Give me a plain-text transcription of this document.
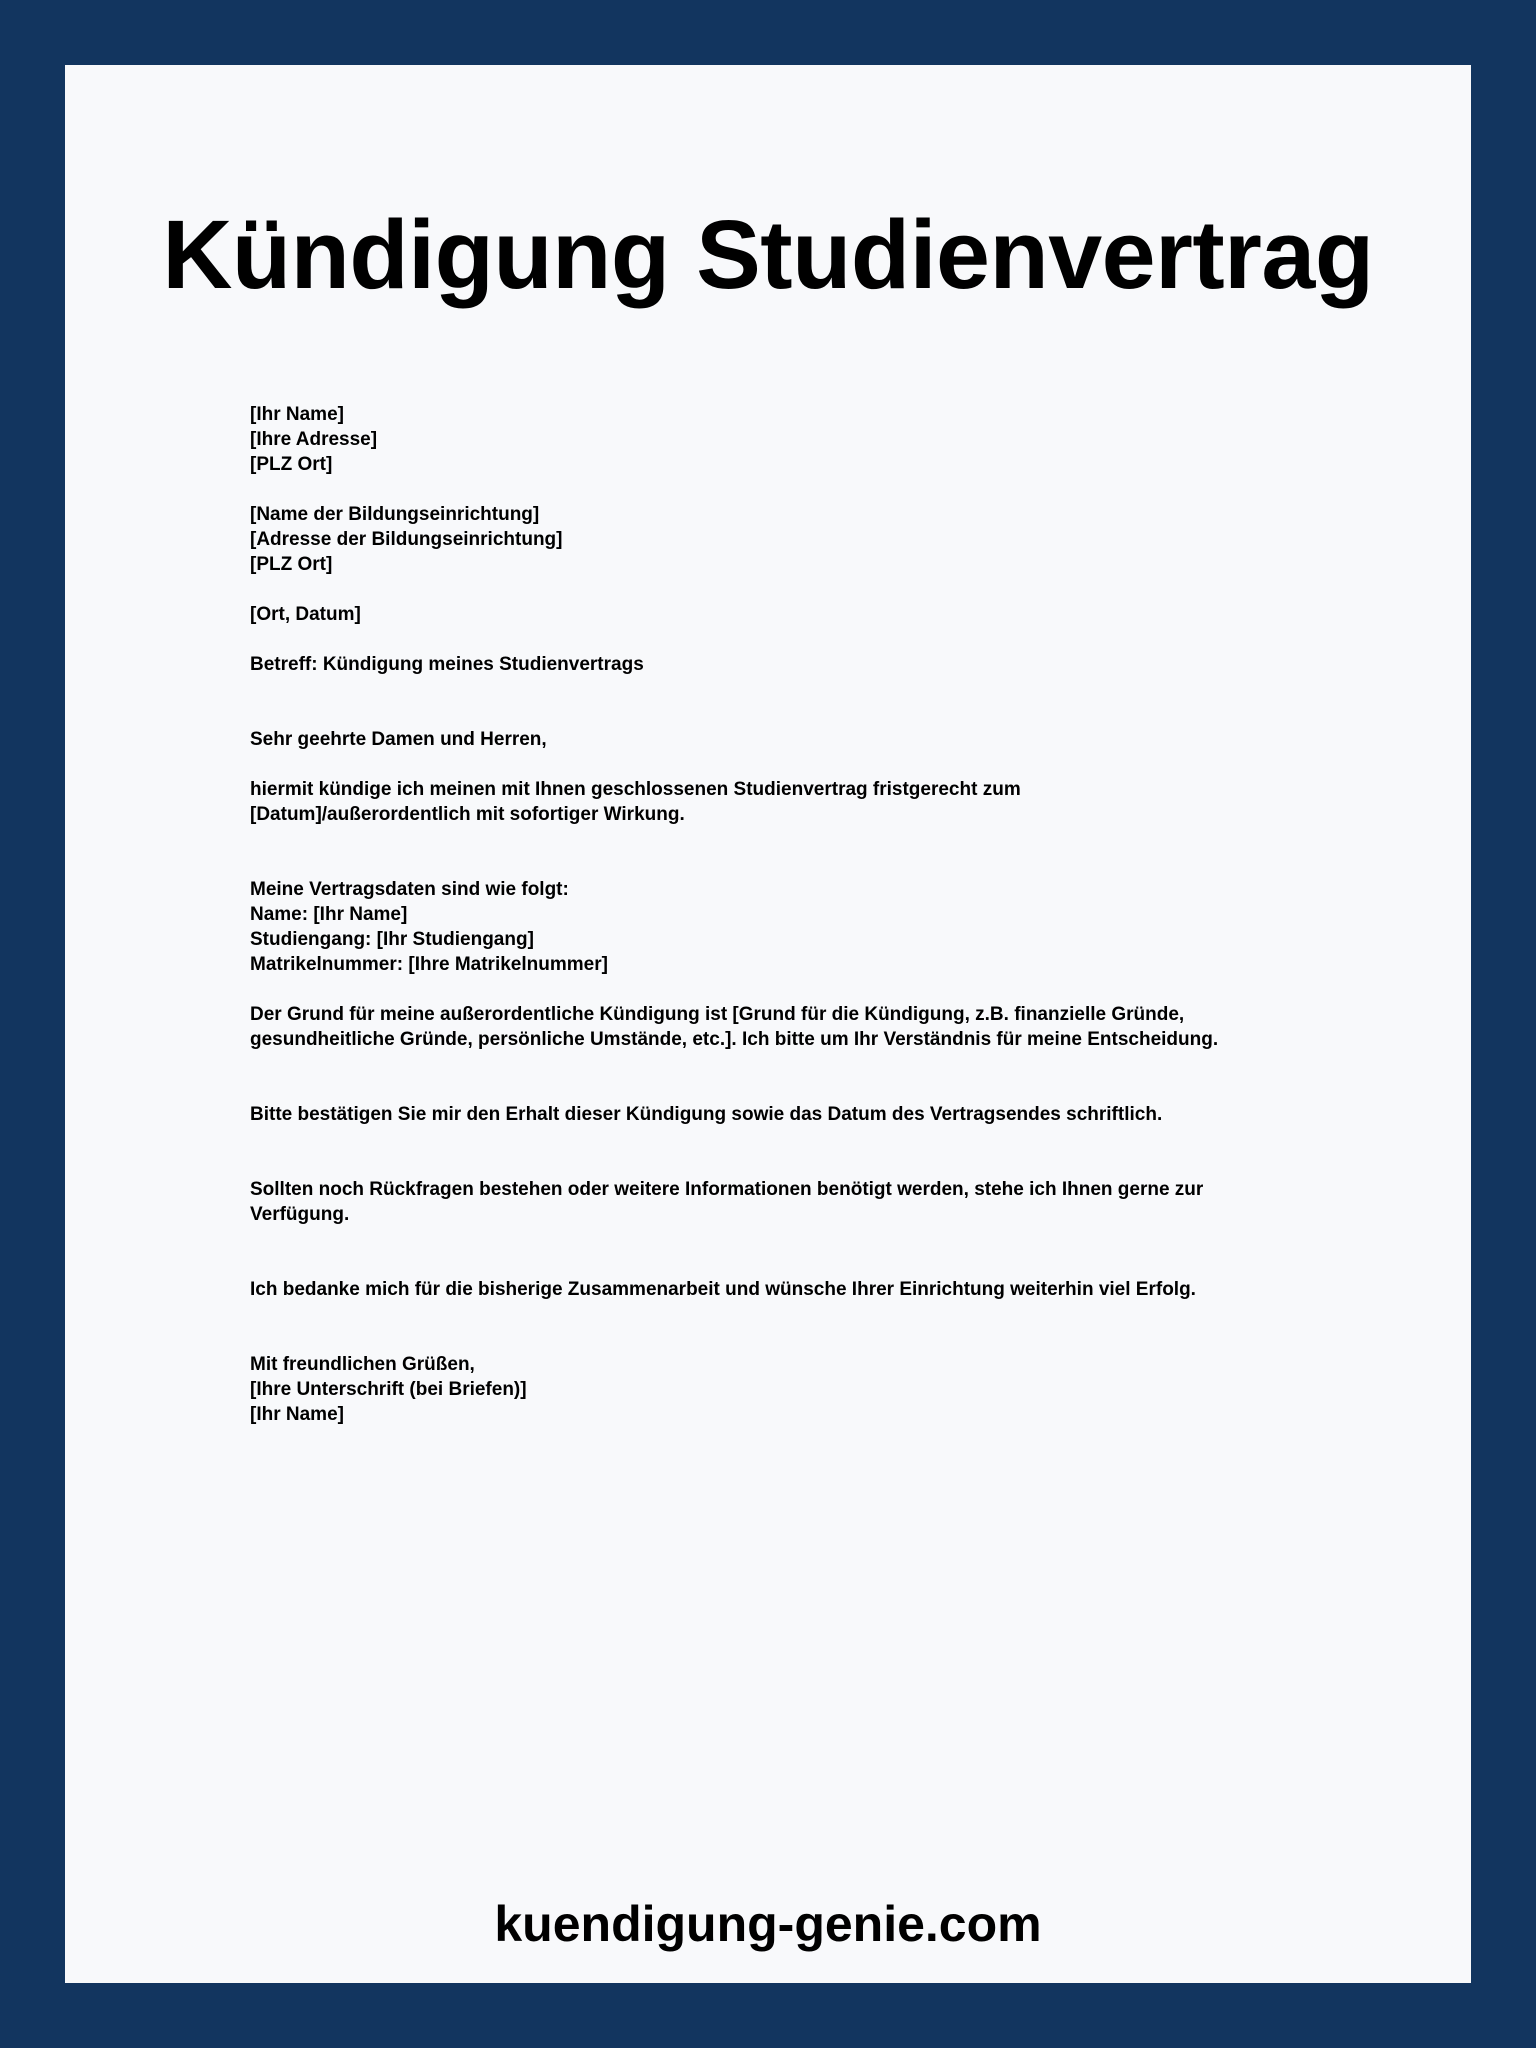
Kündigung Studienvertrag
[Ihr Name]
[Ihre Adresse]
[PLZ Ort]
[Name der Bildungseinrichtung]
[Adresse der Bildungseinrichtung]
[PLZ Ort]
[Ort, Datum]
Betreff: Kündigung meines Studienvertrags
Sehr geehrte Damen und Herren,
hiermit kündige ich meinen mit Ihnen geschlossenen Studienvertrag fristgerecht zum
[Datum]/außerordentlich mit sofortiger Wirkung.
Meine Vertragsdaten sind wie folgt:
Name: [Ihr Name]
Studiengang: [Ihr Studiengang]
Matrikelnummer: [Ihre Matrikelnummer]
Der Grund für meine außerordentliche Kündigung ist [Grund für die Kündigung, z.B. finanzielle Gründe,
gesundheitliche Gründe, persönliche Umstände, etc.]. Ich bitte um Ihr Verständnis für meine Entscheidung.
Bitte bestätigen Sie mir den Erhalt dieser Kündigung sowie das Datum des Vertragsendes schriftlich.
Sollten noch Rückfragen bestehen oder weitere Informationen benötigt werden, stehe ich Ihnen gerne zur
Verfügung.
Ich bedanke mich für die bisherige Zusammenarbeit und wünsche Ihrer Einrichtung weiterhin viel Erfolg.
Mit freundlichen Grüßen,
[Ihre Unterschrift (bei Briefen)]
[Ihr Name]
kuendigung-genie.com
